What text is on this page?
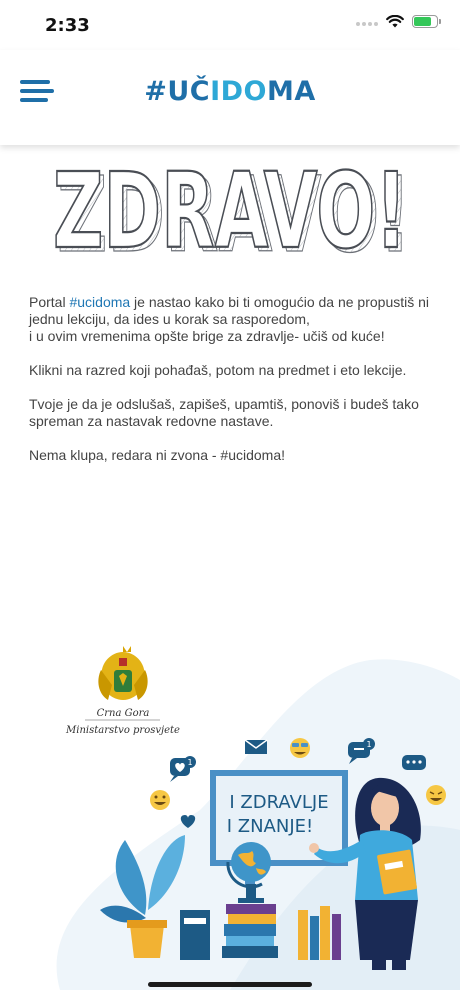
2:33
#UČIDOMA
ZDRAVO!
ZDRAVO!

Portal #ucidoma je nastao kako bi ti omogućio da ne propustiš ni
jednu lekciju, da ides u korak sa rasporedom,
i u ovim vremenima opšte brige za zdravlje- učiš od kuće!

Klikni na razred koji pohađaš, potom na predmet i eto lekcije.

Tvoje je da je odslušaš, zapišeš, upamtiš, ponoviš i budeš tako
spreman za nastavak redovne nastave.

Nema klupa, redara ni zvona - #ucidoma!

Crna Gora
Ministarstvo prosvjete
1
1
I ZDRAVLJE
I ZNANJE!
